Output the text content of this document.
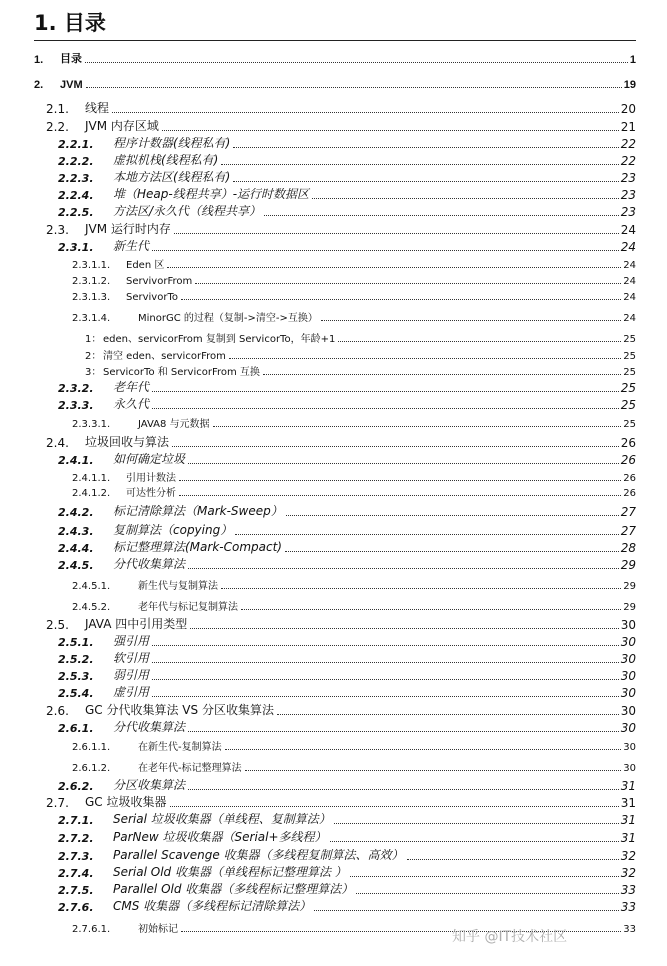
1. 目录
1.	目录	1
2.	JVM	19
2.1.	线程	20
2.2.	JVM 内存区域	21
2.2.1.	程序计数器(线程私有)	22
2.2.2.	虚拟机栈(线程私有)	22
2.2.3.	本地方法区(线程私有)	23
2.2.4.	堆（Heap-线程共享）-运行时数据区	23
2.2.5.	方法区/永久代（线程共享）	23
2.3.	JVM 运行时内存	24
2.3.1.	新生代	24
2.3.1.1.	Eden 区	24
2.3.1.2.	ServivorFrom	24
2.3.1.3.	ServivorTo	24
2.3.1.4.	MinorGC 的过程（复制->清空->互换）	24
1： eden、servicorFrom 复制到 ServicorTo，年龄+1	25
2： 清空 eden、servicorFrom	25
3： ServicorTo 和 ServicorFrom 互换	25
2.3.2.	老年代	25
2.3.3.	永久代	25
2.3.3.1.	JAVA8 与元数据	25
2.4.	垃圾回收与算法	26
2.4.1.	如何确定垃圾	26
2.4.1.1.	引用计数法	26
2.4.1.2.	可达性分析	26
2.4.2.	标记清除算法（Mark-Sweep）	27
2.4.3.	复制算法（copying）	27
2.4.4.	标记整理算法(Mark-Compact)	28
2.4.5.	分代收集算法	29
2.4.5.1.	新生代与复制算法	29
2.4.5.2.	老年代与标记复制算法	29
2.5.	JAVA 四中引用类型	30
2.5.1.	强引用	30
2.5.2.	软引用	30
2.5.3.	弱引用	30
2.5.4.	虚引用	30
2.6.	GC 分代收集算法 VS 分区收集算法	30
2.6.1.	分代收集算法	30
2.6.1.1.	在新生代-复制算法	30
2.6.1.2.	在老年代-标记整理算法	30
2.6.2.	分区收集算法	31
2.7.	GC 垃圾收集器	31
2.7.1.	Serial 垃圾收集器（单线程、复制算法）	31
2.7.2.	ParNew 垃圾收集器（Serial+多线程）	31
2.7.3.	Parallel Scavenge 收集器（多线程复制算法、高效）	32
2.7.4.	Serial Old 收集器（单线程标记整理算法 ）	32
2.7.5.	Parallel Old 收集器（多线程标记整理算法）	33
2.7.6.	CMS 收集器（多线程标记清除算法）	33
2.7.6.1.	初始标记	33
知乎 @IT技术社区
